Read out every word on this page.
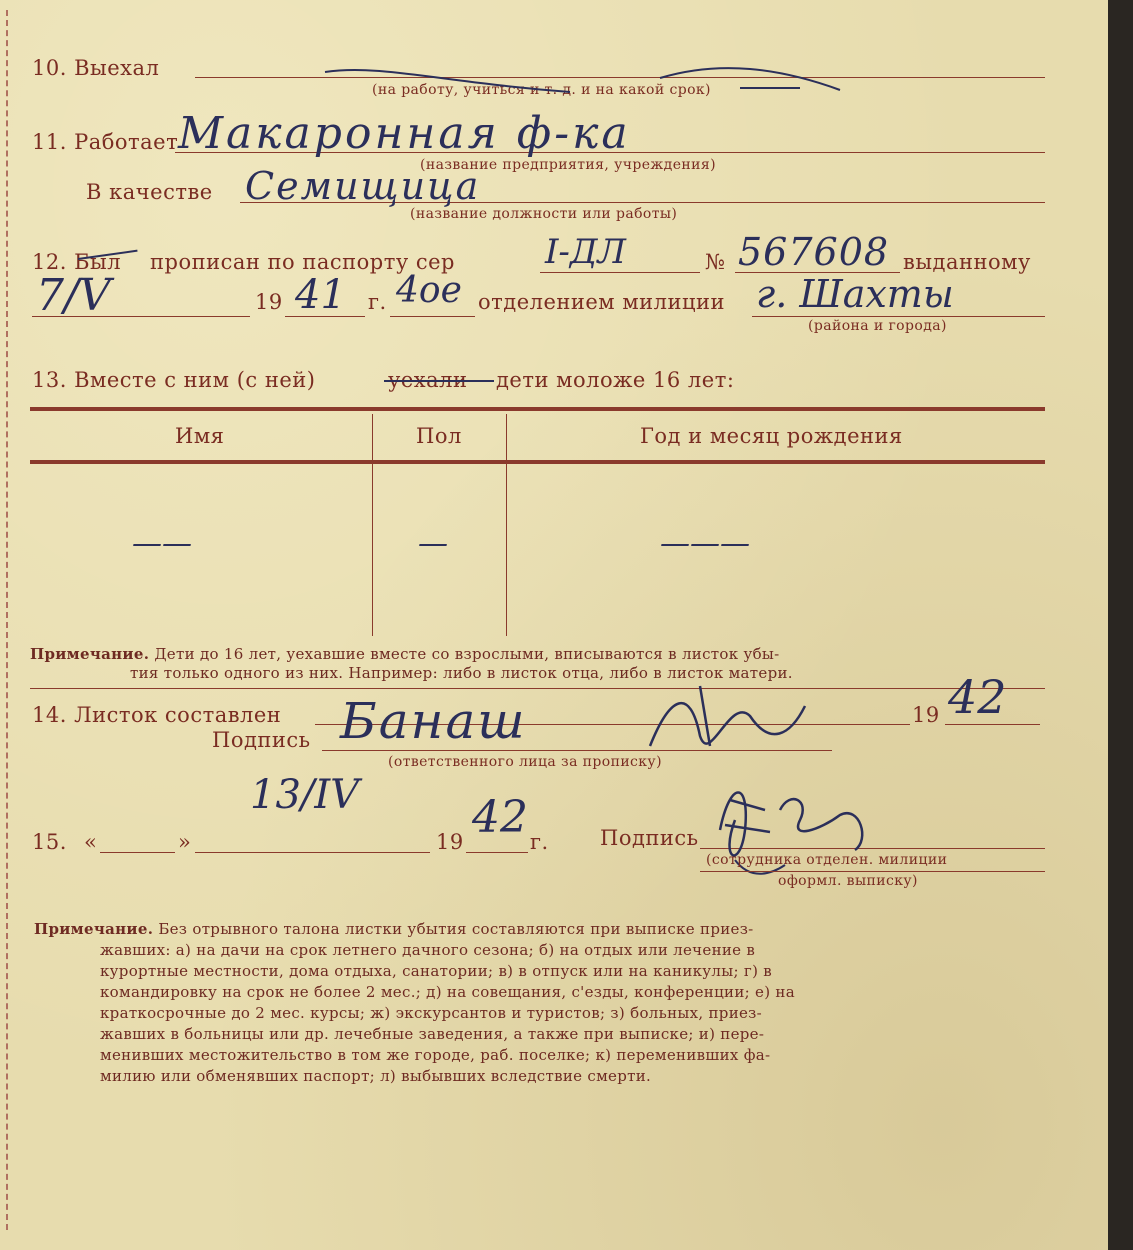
10. Выехал
(на работу, учиться и т. д. и на какой срок)
11. Работает Макаронная ф-ка
(название предприятия, учреждения)
В качестве Семищица
(название должности или работы)
12. Был прописан по паспорту сер	I-ДЛ	№ 567608 выданному
7/Ⅴ	19 41 г. 4ое отделением милиции г. Шахты
(района и города)
13. Вместе с ним (с ней)	уехали дети моложе 16 лет:
Имя	Пол	Год и месяц рождения
——	—	———
Примечание. Дети до 16 лет, уехавшие вместе со взрослыми, вписываются в листок убы-
тия только одного из них. Например: либо в листок отца, либо в листок матери.
14. Листок составлен	19 42
Подпись Банаш
(ответственного лица за прописку)
15. «	»
13/IV
19 42 г. Подпись
(сотрудника отделен. милиции
оформл. выписку)
Примечание. Без отрывного талона листки убытия составляются при выписке приез-
жавших: а) на дачи на срок летнего дачного сезона; б) на отдых или лечение в
курортные местности, дома отдыха, санатории; в) в отпуск или на каникулы; г) в
командировку на срок не более 2 мес.; д) на совещания, с'езды, конференции; е) на
краткосрочные до 2 мес. курсы; ж) экскурсантов и туристов; з) больных, приез-
жавших в больницы или др. лечебные заведения, а также при выписке; и) пере-
менивших местожительство в том же городе, раб. поселке; к) переменивших фа-
милию или обменявших паспорт; л) выбывших вследствие смерти.
